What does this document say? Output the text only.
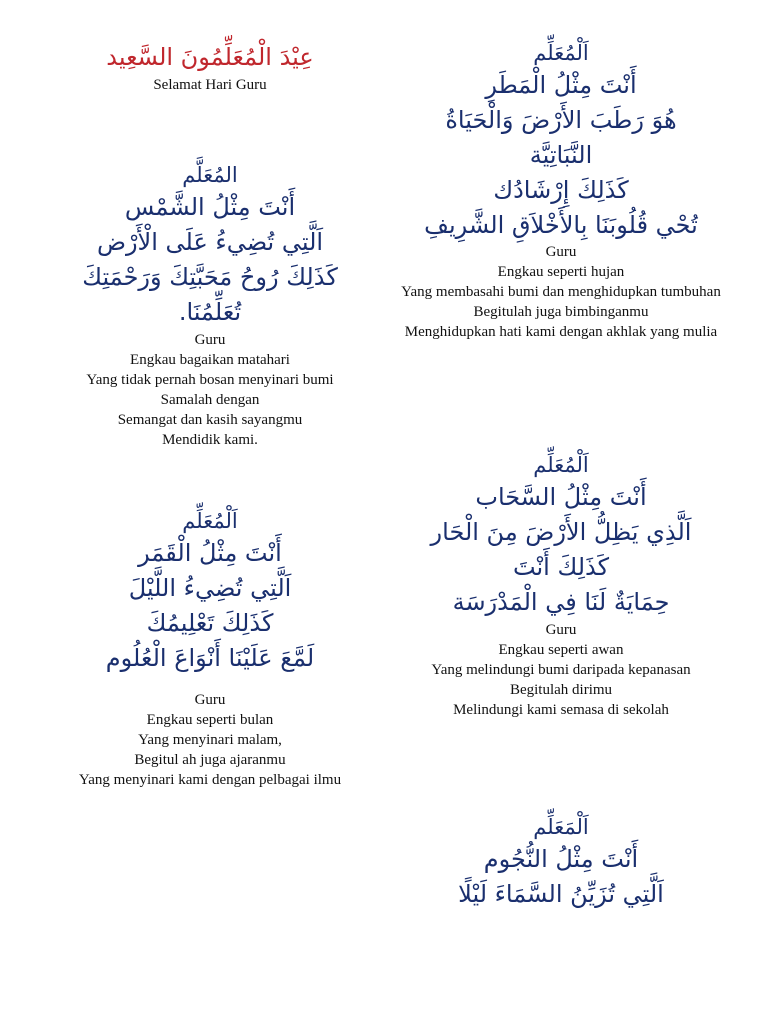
عِيْدَ الْمُعَلِّمُونَ السَّعِيد

Selamat Hari Guru

المُعَلَّم

أَنْتَ مِثْلُ الشَّمْس

اَلَّتِي تُضِيءُ عَلَى الْأَرْض

كَذَلِكَ رُوحُ مَحَبَّتِكَ وَرَحْمَتِكَ

تُعَلِّمُنَا.

Guru

Engkau bagaikan matahari

Yang tidak pernah bosan menyinari bumi

Samalah dengan

Semangat dan kasih sayangmu

Mendidik kami.

اَلْمُعَلِّم

أَنْتَ مِثْلُ الْقَمَر

اَلَّتِي تُضِيءُ اللَّيْلَ

كَذَلِكَ تَعْلِيمُكَ

لَمَّعَ عَلَيْنَا أَنْوَاعَ الْعُلُوم

Guru

Engkau seperti bulan

Yang menyinari malam,

Begitul ah juga ajaranmu

Yang menyinari kami dengan pelbagai ilmu

اَلْمُعَلِّم

أَنْتَ مِثْلُ الْمَطَرِ

هُوَ رَطَبَ الأَرْضَ وَالْحَيَاةُ

النَّبَاتِيَّة

كَذَلِكَ إِرْشَادُك

تُحْي قُلُوبَنَا بِالأَخْلاَقِ الشَّرِيفِ

Guru

Engkau seperti hujan

Yang membasahi bumi dan menghidupkan tumbuhan

Begitulah juga bimbinganmu

Menghidupkan hati kami dengan akhlak yang mulia

اَلْمُعَلِّم

أَنْتَ مِثْلُ السَّحَاب

اَلَّذِي يَظِلُّ الأَرْضَ مِنَ الْحَار

كَذَلِكَ أَنْتَ

حِمَايَةٌ لَنَا فِي الْمَدْرَسَة

Guru

Engkau seperti awan

Yang melindungi bumi daripada kepanasan

Begitulah dirimu

Melindungi kami semasa di sekolah

اَلْمَعَلِّم

أَنْتَ مِثْلُ النُّجُوم

اَلَّتِي تُزَيِّنُ السَّمَاءَ لَيْلًا
